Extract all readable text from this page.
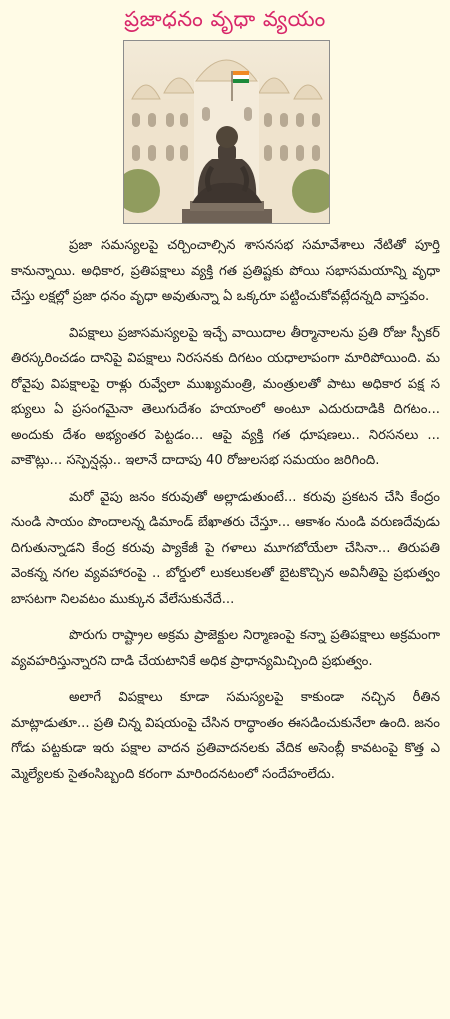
ప్రజాధనం వృధా వ్యయం

ప్రజా సమస్యలపై చర్చించాల్సిన శాసనసభ సమావేశాలు నేటితో పూర్తి కానున్నాయి. అధికార, ప్రతిపక్షాలు వ్యక్తి గత ప్రతిష్టకు పోయి సభాసమయాన్ని వృధా చేస్తు లక్షల్లో ప్రజా ధనం వృధా అవుతున్నా ఏ ఒక్కరూ పట్టించుకోవట్లేదన్నది వాస్తవం.

విపక్షాలు ప్రజాసమస్యలపై ఇచ్చే వాయిదాల తీర్మానాలను ప్రతి రోజు స్పీకర్ తిరస్కరించడం దానిపై విపక్షాలు నిరసనకు దిగటం యధాలాపంగా మారిపోయింది. మరోవైపు విపక్షాలపై రాళ్లు రువ్వేలా ముఖ్యమంత్రి, మంత్రులతో పాటు అధికార పక్ష సభ్యులు ఏ ప్రసంగమైనా తెలుగుదేశం హయాంలో అంటూ ఎదురుదాడికి దిగటం...అందుకు దేశం అభ్యంతర పెట్టడం... ఆపై వ్యక్తి గత ధూషణలు.. నిరసనలు ... వాకౌట్లు... సస్పెన్షన్లు.. ఇలానే దాదాపు 40 రోజులసభ సమయం జరిగింది.

మరో వైపు జనం కరువుతో అల్లాడుతుంటే... కరువు ప్రకటన చేసి కేంద్రం నుండి సాయం పొందాలన్న డిమాండ్ బేఖాతరు చేస్తూ... ఆకాశం నుండి వరుణదేవుడు దిగుతున్నాడని కేంద్ర కరువు ప్యాకేజీ పై గళాలు మూగబోయేలా చేసినా... తిరుపతి వెంకన్న నగల వ్యవహారంపై .. బోర్డులో లుకలుకలతో బైటకొచ్చిన అవినీతిపై ప్రభుత్వం బాసటగా నిలవటం ముక్కున వేలేసుకునేదే...

పొరుగు రాష్ట్రాల అక్రమ ప్రాజెక్టుల నిర్మాణంపై కన్నా ప్రతిపక్షాలు అక్రమంగా వ్యవహరిస్తున్నారని దాడి చేయటానికే అధిక ప్రాధాన్యమిచ్చింది ప్రభుత్వం.

అలాగే విపక్షాలు కూడా సమస్యలపై కాకుండా నచ్చిన రీతిన మాట్లాడుతూ... ప్రతి చిన్న విషయంపై చేసిన రాద్ధాంతం ఈసడించుకునేలా ఉంది. జనం గోడు పట్టకుడా ఇరు పక్షాల వాదన ప్రతివాదనలకు వేదిక అసెంబ్లీ కావటంపై కొత్త ఎమ్మెల్యేలకు సైతంసిబ్బంది కరంగా మారిందనటంలో సందేహంలేదు.
